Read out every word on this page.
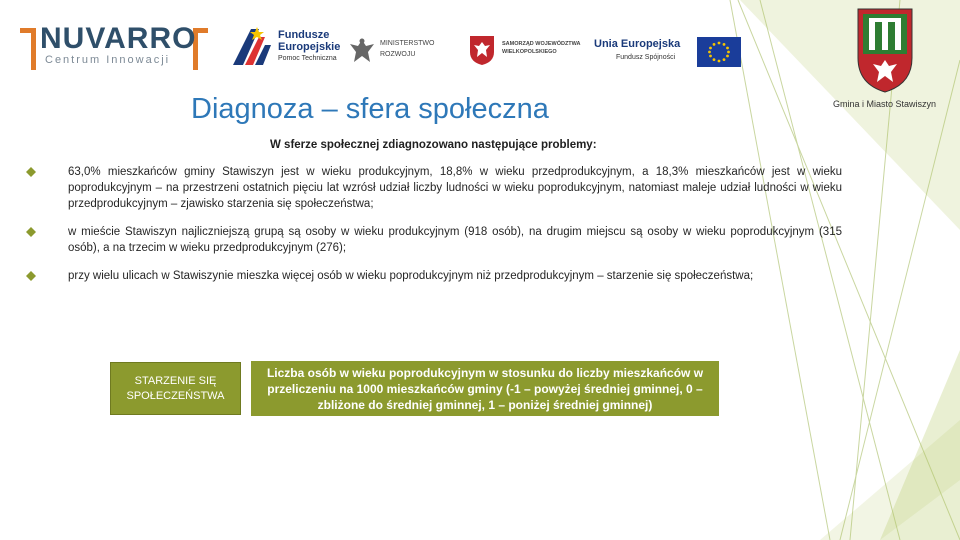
NUVARRO
Centrum Innowacji
Fundusze
Europejskie
Pomoc Techniczna
MINISTERSTWO
ROZWOJU
SAMORZĄD WOJEWÓDZTWA
WIELKOPOLSKIEGO
Unia Europejska
Fundusz Spójności
Gmina i Miasto Stawiszyn
Diagnoza – sfera społeczna
W sferze społecznej zdiagnozowano następujące problemy:
63,0% mieszkańców gminy Stawiszyn jest w wieku produkcyjnym, 18,8% w wieku przedprodukcyjnym, a 18,3% mieszkańców jest w wieku poprodukcyjnym – na przestrzeni ostatnich pięciu lat wzrósł udział liczby ludności w wieku poprodukcyjnym, natomiast maleje udział ludności w wieku przedprodukcyjnym – zjawisko starzenia się społeczeństwa;
w mieście Stawiszyn najliczniejszą grupą są osoby w wieku produkcyjnym (918 osób), na drugim miejscu są osoby w wieku poprodukcyjnym (315 osób), a na trzecim w wieku przedprodukcyjnym (276);
przy wielu ulicach w Stawiszynie mieszka więcej osób w wieku poprodukcyjnym niż przedprodukcyjnym – starzenie się społeczeństwa;
STARZENIE SIĘ SPOŁECZEŃSTWA
Liczba osób w wieku poprodukcyjnym w stosunku do liczby mieszkańców w przeliczeniu na 1000 mieszkańców gminy (-1 – powyżej średniej gminnej, 0 – zbliżone do średniej gminnej, 1 – poniżej średniej gminnej)
